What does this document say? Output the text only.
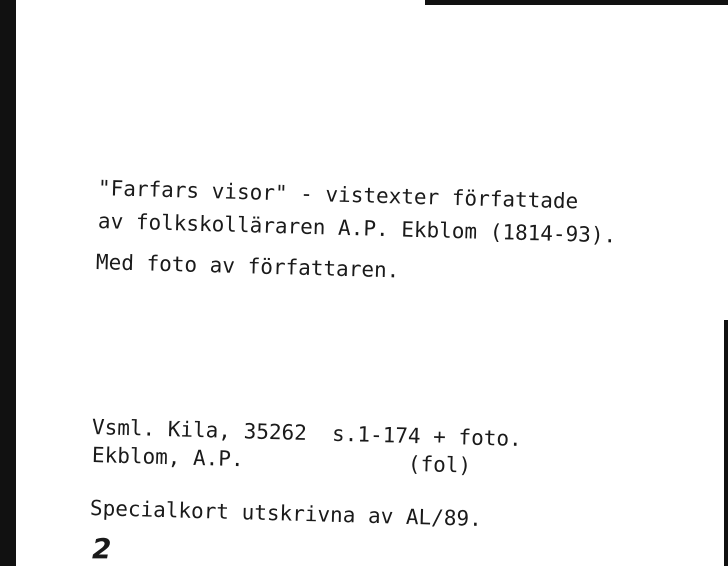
"Farfars visor" - vistexter författade
av folkskolläraren A.P. Ekblom (1814-93).
Med foto av författaren.
Vsml. Kila, 35262  s.1-174 + foto.
Ekblom, A.P.             (fol)
Specialkort utskrivna av AL/89.
2
